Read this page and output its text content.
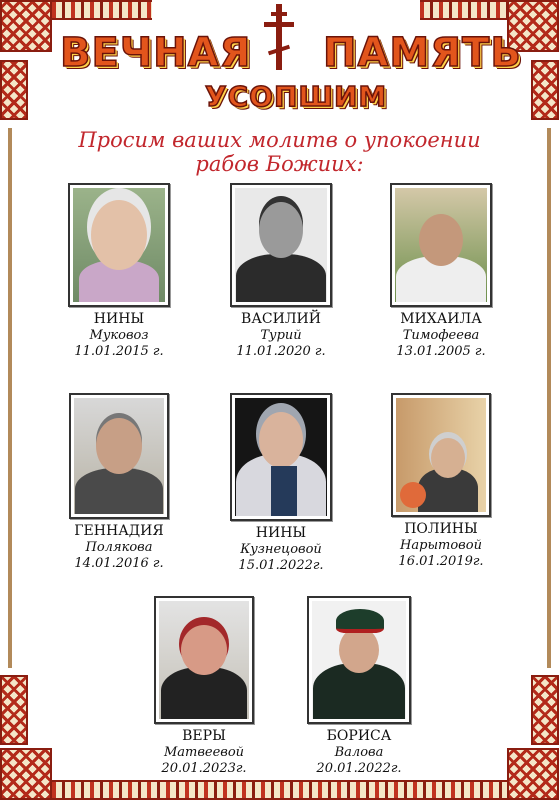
ВЕЧНАЯ ПАМЯТЬ
УСОПШИМ
Просим ваших молитв о упокоении
рабов Божиих:
НИНЫ
Муковоз
11.01.2015 г.
ВАСИЛИЙ
Турий
11.01.2020 г.
МИХАИЛА
Тимофеева
13.01.2005 г.
ГЕННАДИЯ
Полякова
14.01.2016 г.
НИНЫ
Кузнецовой
15.01.2022г.
ПОЛИНЫ
Нарытовой
16.01.2019г.
ВЕРЫ
Матвеевой
20.01.2023г.
БОРИСА
Валова
20.01.2022г.
